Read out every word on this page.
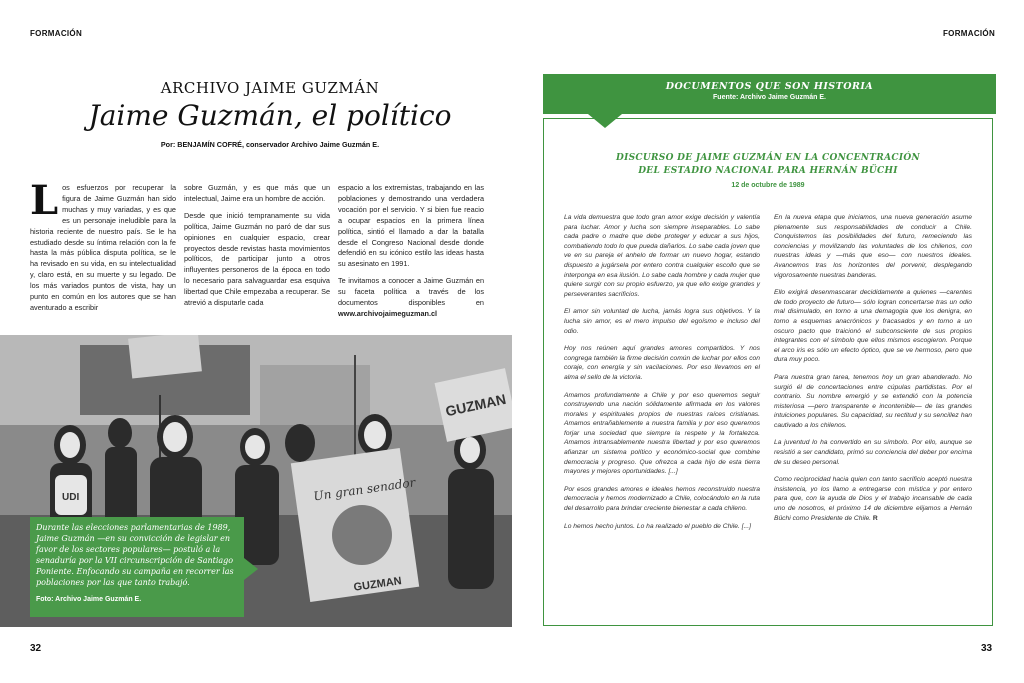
FORMACIÓN
ARCHIVO JAIME GUZMÁN
Jaime Guzmán, el político
Por: BENJAMÍN COFRÉ, conservador Archivo Jaime Guzmán E.
Los esfuerzos por recuperar la figura de Jaime Guzmán han sido muchas y muy variadas, y es que es un personaje ineludible para la historia reciente de nuestro país. Se le ha estudiado desde su íntima relación con la fe hasta la más pública disputa política, se le ha revisado en su vida, en su intelectualidad y, claro está, en su muerte y su legado. De los más variados puntos de vista, hay un punto en común en los autores que se han aventurado a escribir

sobre Guzmán, y es que más que un intelectual, Jaime era un hombre de acción.

Desde que inició tempranamente su vida política, Jaime Guzmán no paró de dar sus opiniones en cualquier espacio, crear proyectos desde revistas hasta movimientos políticos, de participar junto a otros influyentes personeros de la época en todo lo necesario para salvaguardar esa esquiva libertad que Chile empezaba a recuperar. Se atrevió a disputarle cada

espacio a los extremistas, trabajando en las poblaciones y demostrando una verdadera vocación por el servicio. Y si bien fue reacio a ocupar espacios en la primera línea política, sintió el llamado a dar la batalla desde el Congreso Nacional desde donde defendió en su icónico estilo las ideas hasta su asesinato en 1991.

Te invitamos a conocer a Jaime Guzmán en su faceta política a través de los documentos disponibles en www.archivojaimeguzman.cl

GUZMAN
Un gran senador
GUZMAN
UDI
Durante las elecciones parlamentarias de 1989, Jaime Guzmán —en su convicción de legislar en favor de los sectores populares— postuló a la senaduría por la VII circunscripción de Santiago Poniente. Enfocando su campaña en recorrer las poblaciones por las que tanto trabajó.
Foto: Archivo Jaime Guzmán E.
32
FORMACIÓN
DOCUMENTOS QUE SON HISTORIA
Fuente: Archivo Jaime Guzmán E.
DISCURSO DE JAIME GUZMÁN EN LA CONCENTRACIÓN
DEL ESTADIO NACIONAL PARA HERNÁN BÜCHI
12 de octubre de 1989

La vida demuestra que todo gran amor exige decisión y valentía para luchar. Amor y lucha son siempre inseparables. Lo sabe cada padre o madre que debe proteger y educar a sus hijos, combatiendo todo lo que pueda dañarlos. Lo sabe cada joven que ve en su pareja el anhelo de formar un nuevo hogar, estando dispuesto a jugársela por entero contra cualquier escollo que se interponga en esa ilusión. Lo sabe cada hombre y cada mujer que quiere surgir con su propio esfuerzo, ya que ello exige grandes y perseverantes sacrificios.

El amor sin voluntad de lucha, jamás logra sus objetivos. Y la lucha sin amor, es el mero impulso del egoísmo e incluso del odio.

Hoy nos reúnen aquí grandes amores compartidos. Y nos congrega también la firme decisión común de luchar por ellos con coraje, con energía y sin vacilaciones. Por eso llevamos en el alma el sello de la victoria.

Amamos profundamente a Chile y por eso queremos seguir construyendo una nación sólidamente afirmada en los valores morales y espirituales propios de nuestras raíces cristianas. Amamos entrañablemente a nuestra familia y por eso queremos forjar una sociedad que siempre la respete y la fortalezca. Amamos intransablemente nuestra libertad y por eso queremos afianzar un sistema político y económico-social que combine democracia y progreso. Que ofrezca a cada hijo de esta tierra mayores y mejores oportunidades. [...]

Por esos grandes amores e ideales hemos reconstruido nuestra democracia y hemos modernizado a Chile, colocándolo en la ruta del desarrollo para brindar creciente bienestar a cada chileno.

Lo hemos hecho juntos. Lo ha realizado el pueblo de Chile. [...]

En la nueva etapa que iniciamos, una nueva generación asume plenamente sus responsabilidades de conducir a Chile. Conquistemos las posibilidades del futuro, remeciendo las conciencias y movilizando las voluntades de los chilenos, con nuestras ideas y —más que eso— con nuestros ideales. Avancemos tras los horizontes del porvenir, desplegando vigorosamente nuestras banderas.

Ello exigirá desenmascarar decididamente a quienes —carentes de todo proyecto de futuro— sólo logran concertarse tras un odio mal disimulado, en torno a una demagogia que los denigra, en torno a esquemas anacrónicos y fracasados y en torno a un oscuro pacto que traicionó el subconsciente de sus propios integrantes con el símbolo que ellos mismos escogieron. Porque el arco iris es sólo un efecto óptico, que se ve hermoso, pero que dura muy poco.

Para nuestra gran tarea, tenemos hoy un gran abanderado. No surgió él de concertaciones entre cúpulas partidistas. Por el contrario. Su nombre emergió y se extendió con la potencia misteriosa —pero transparente e incontenible— de las grandes intuiciones populares. Su capacidad, su rectitud y su sencillez han cautivado a los chilenos.

La juventud lo ha convertido en su símbolo. Por ello, aunque se resistió a ser candidato, primó su conciencia del deber por encima de su deseo personal.

Como reciprocidad hacia quien con tanto sacrificio aceptó nuestra insistencia, yo los llamo a entregarse con mística y por entero para que, con la ayuda de Dios y el trabajo incansable de cada uno de nosotros, el próximo 14 de diciembre elijamos a Hernán Büchi como Presidente de Chile. R

33
